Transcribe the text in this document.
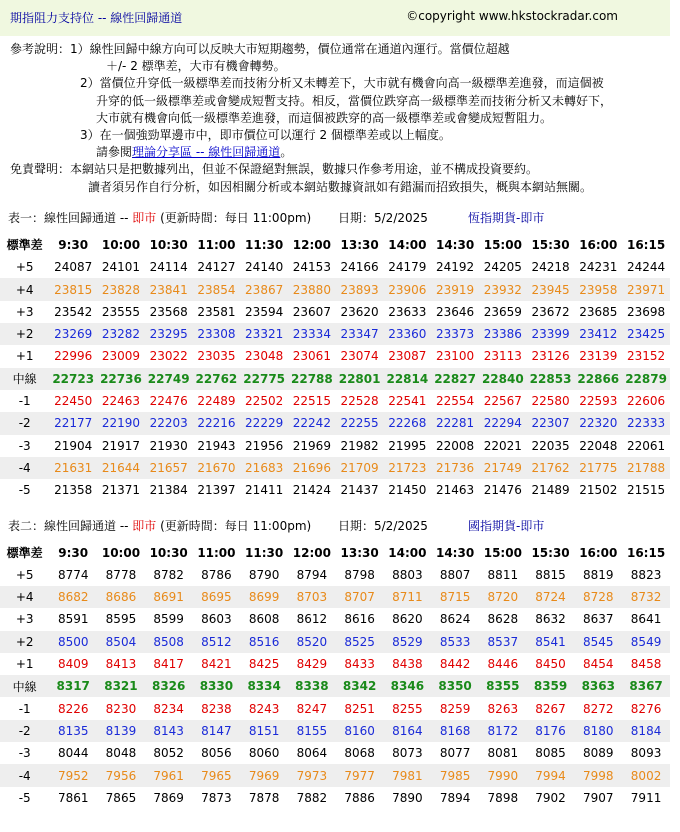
期指阻力支持位 -- 線性回歸通道	©copyright www.hkstockradar.com
參考說明：1）線性回歸中線方向可以反映大市短期趨勢，價位通常在通道內運行。當價位超越
＋/- 2 標準差，大市有機會轉勢。
2）當價位升穿低一級標準差而技術分析又未轉差下，大市就有機會向高一級標準差進發，而這個被
升穿的低一級標準差或會變成短暫支持。相反，當價位跌穿高一級標準差而技術分析又未轉好下，
大市就有機會向低一級標準差進發，而這個被跌穿的高一級標準差或會變成短暫阻力。
3）在一個強勁單邊市中，即市價位可以運行 2 個標準差或以上幅度。
請參閱理論分享區 -- 線性回歸通道。
免責聲明：本網站只是把數據列出，但並不保證絕對無誤，數據只作參考用途，並不構成投資要約。
讀者須另作自行分析，如因相關分析或本網站數據資訊如有錯漏而招致損失，概與本網站無關。
表一：線性回歸通道 -- 即市 (更新時間：每日 11:00pm)	日期：5/2/2025	恆指期貨-即市
標準差	9:30	10:00	10:30	11:00	11:30	12:00	13:30	14:00	14:30	15:00	15:30	16:00	16:15
+5	24087	24101	24114	24127	24140	24153	24166	24179	24192	24205	24218	24231	24244
+4	23815	23828	23841	23854	23867	23880	23893	23906	23919	23932	23945	23958	23971
+3	23542	23555	23568	23581	23594	23607	23620	23633	23646	23659	23672	23685	23698
+2	23269	23282	23295	23308	23321	23334	23347	23360	23373	23386	23399	23412	23425
+1	22996	23009	23022	23035	23048	23061	23074	23087	23100	23113	23126	23139	23152
中線	22723	22736	22749	22762	22775	22788	22801	22814	22827	22840	22853	22866	22879
-1	22450	22463	22476	22489	22502	22515	22528	22541	22554	22567	22580	22593	22606
-2	22177	22190	22203	22216	22229	22242	22255	22268	22281	22294	22307	22320	22333
-3	21904	21917	21930	21943	21956	21969	21982	21995	22008	22021	22035	22048	22061
-4	21631	21644	21657	21670	21683	21696	21709	21723	21736	21749	21762	21775	21788
-5	21358	21371	21384	21397	21411	21424	21437	21450	21463	21476	21489	21502	21515
表二：線性回歸通道 -- 即市 (更新時間：每日 11:00pm)	日期：5/2/2025	國指期貨-即市
標準差	9:30	10:00	10:30	11:00	11:30	12:00	13:30	14:00	14:30	15:00	15:30	16:00	16:15
+5	8774	8778	8782	8786	8790	8794	8798	8803	8807	8811	8815	8819	8823
+4	8682	8686	8691	8695	8699	8703	8707	8711	8715	8720	8724	8728	8732
+3	8591	8595	8599	8603	8608	8612	8616	8620	8624	8628	8632	8637	8641
+2	8500	8504	8508	8512	8516	8520	8525	8529	8533	8537	8541	8545	8549
+1	8409	8413	8417	8421	8425	8429	8433	8438	8442	8446	8450	8454	8458
中線	8317	8321	8326	8330	8334	8338	8342	8346	8350	8355	8359	8363	8367
-1	8226	8230	8234	8238	8243	8247	8251	8255	8259	8263	8267	8272	8276
-2	8135	8139	8143	8147	8151	8155	8160	8164	8168	8172	8176	8180	8184
-3	8044	8048	8052	8056	8060	8064	8068	8073	8077	8081	8085	8089	8093
-4	7952	7956	7961	7965	7969	7973	7977	7981	7985	7990	7994	7998	8002
-5	7861	7865	7869	7873	7878	7882	7886	7890	7894	7898	7902	7907	7911
